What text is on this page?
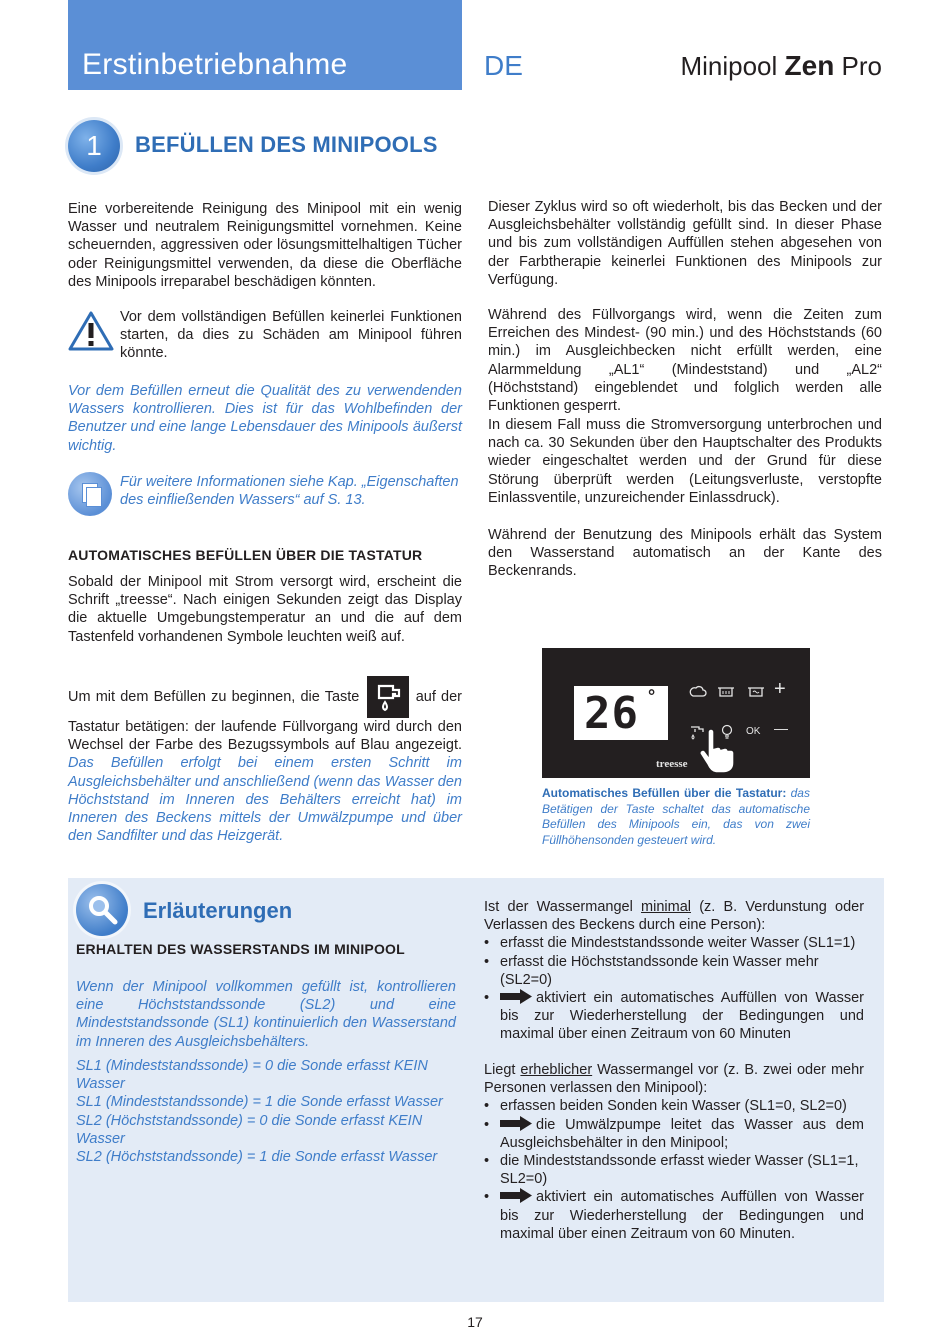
Erstinbetriebnahme	DE	Minipool Zen Pro
1	BEFÜLLEN DES MINIPOOLS
Eine vorbereitende Reinigung des Minipool mit ein wenig Wasser und neutralem Reinigungsmittel vornehmen. Keine scheuernden, aggressiven oder lösungsmittelhaltigen Tücher oder Reinigungsmittel verwenden, da diese die Oberfläche des Minipools irreparabel beschädigen könnten.
Vor dem vollständigen Befüllen keinerlei Funktionen starten, da dies zu Schäden am Minipool führen könnte.
Vor dem Befüllen erneut die Qualität des zu verwendenden Wassers kontrollieren. Dies ist für das Wohlbefinden der Benutzer und eine lange Lebensdauer des Minipools äußerst wichtig.
Für weitere Informationen siehe Kap. „Eigenschaften des einfließenden Wassers“ auf S. 13.
AUTOMATISCHES BEFÜLLEN ÜBER DIE TASTATUR
Sobald der Minipool mit Strom versorgt wird, erscheint die Schrift „treesse“. Nach einigen Sekunden zeigt das Display die aktuelle Umgebungstemperatur an und die auf dem Tastenfeld vorhandenen Symbole leuchten weiß auf.
Um mit dem Befüllen zu beginnen, die Taste	auf der Tastatur betätigen: der laufende Füllvorgang wird durch den Wechsel der Farbe des Bezugssymbols auf Blau angezeigt. Das Befüllen erfolgt bei einem ersten Schritt im Ausgleichsbehälter und anschließend (wenn das Wasser den Höchststand im Inneren des Behälters erreicht hat) im Inneren des Beckens mittels der Umwälzpumpe und über den Sandfilter und das Heizgerät.
Dieser Zyklus wird so oft wiederholt, bis das Becken und der Ausgleichsbehälter vollständig gefüllt sind. In dieser Phase und bis zum vollständigen Auffüllen stehen abgesehen von der Farbtherapie keinerlei Funktionen des Minipools zur Verfügung.
Während des Füllvorgangs wird, wenn die Zeiten zum Erreichen des Mindest- (90 min.) und des Höchststands (60 min.) im Ausgleichbecken nicht erfüllt werden, eine Alarmmeldung „AL1“ (Mindeststand) und „AL2“ (Höchststand) eingeblendet und folglich werden alle Funktionen gesperrt.
In diesem Fall muss die Stromversorgung unterbrochen und nach ca. 30 Sekunden über den Hauptschalter des Produkts wieder eingeschaltet werden und der Grund für diese Störung überprüft werden (Leitungsverluste, verstopfte Einlassventile, unzureichender Einlassdruck).
Während der Benutzung des Minipools erhält das System den Wasserstand automatisch an der Kante des Beckenrands.
26 °	+
OK —
treesse
Automatisches Befüllen über die Tastatur: das Betätigen der Taste schaltet das automatische Befüllen des Minipools ein, das von zwei Füllhöhensonden gesteuert wird.
Erläuterungen
ERHALTEN DES WASSERSTANDS IM MINIPOOL
Wenn der Minipool vollkommen gefüllt ist, kontrollieren eine Höchststandssonde (SL2) und eine Mindeststandssonde (SL1) kontinuierlich den Wasserstand im Inneren des Ausgleichsbehälters.
SL1 (Mindeststandssonde) = 0 die Sonde erfasst KEIN Wasser
SL1 (Mindeststandssonde) = 1 die Sonde erfasst Wasser
SL2 (Höchststandssonde) = 0 die Sonde erfasst KEIN Wasser
SL2 (Höchststandssonde) = 1 die Sonde erfasst Wasser
Ist der Wassermangel minimal (z. B. Verdunstung oder Verlassen des Beckens durch eine Person):
• erfasst die Mindeststandssonde weiter Wasser (SL1=1)
• erfasst die Höchststandssonde kein Wasser mehr (SL2=0)
• aktiviert ein automatisches Auffüllen von Wasser bis zur Wiederherstellung der Bedingungen und maximal über einen Zeitraum von 60 Minuten
Liegt erheblicher Wassermangel vor (z. B. zwei oder mehr Personen verlassen den Minipool):
• erfassen beiden Sonden kein Wasser (SL1=0, SL2=0)
• die Umwälzpumpe leitet das Wasser aus dem Ausgleichsbehälter in den Minipool;
• die Mindeststandssonde erfasst wieder Wasser (SL1=1, SL2=0)
• aktiviert ein automatisches Auffüllen von Wasser bis zur Wiederherstellung der Bedingungen und maximal über einen Zeitraum von 60 Minuten.
17
